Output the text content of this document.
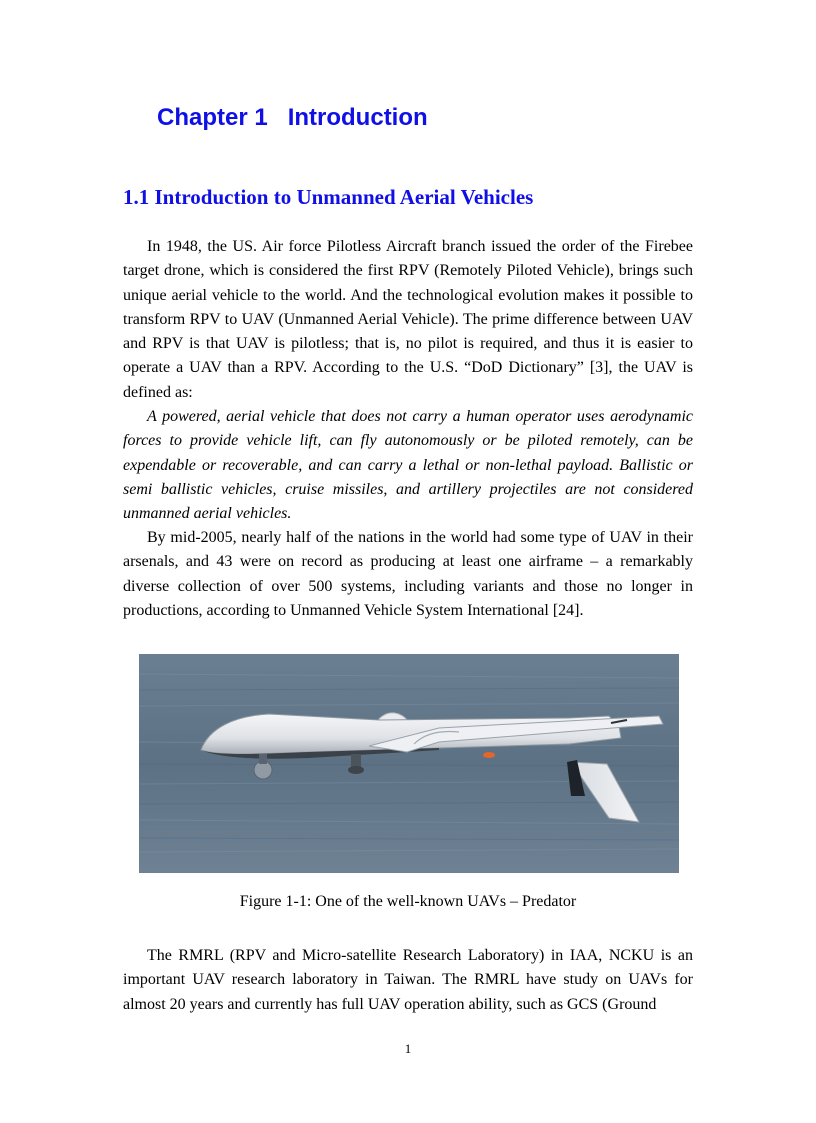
Chapter 1 Introduction
1.1 Introduction to Unmanned Aerial Vehicles

In 1948, the US. Air force Pilotless Aircraft branch issued the order of the Firebee target drone, which is considered the first RPV (Remotely Piloted Vehicle), brings such unique aerial vehicle to the world. And the technological evolution makes it possible to transform RPV to UAV (Unmanned Aerial Vehicle). The prime difference between UAV and RPV is that UAV is pilotless; that is, no pilot is required, and thus it is easier to operate a UAV than a RPV. According to the U.S. “DoD Dictionary” [3], the UAV is defined as:

A powered, aerial vehicle that does not carry a human operator uses aerodynamic forces to provide vehicle lift, can fly autonomously or be piloted remotely, can be expendable or recoverable, and can carry a lethal or non-lethal payload. Ballistic or semi ballistic vehicles, cruise missiles, and artillery projectiles are not considered unmanned aerial vehicles.

By mid-2005, nearly half of the nations in the world had some type of UAV in their arsenals, and 43 were on record as producing at least one airframe – a remarkably diverse collection of over 500 systems, including variants and those no longer in productions, according to Unmanned Vehicle System International [24].

Figure 1-1: One of the well-known UAVs – Predator

The RMRL (RPV and Micro-satellite Research Laboratory) in IAA, NCKU is an important UAV research laboratory in Taiwan. The RMRL have study on UAVs for almost 20 years and currently has full UAV operation ability, such as GCS (Ground

1
